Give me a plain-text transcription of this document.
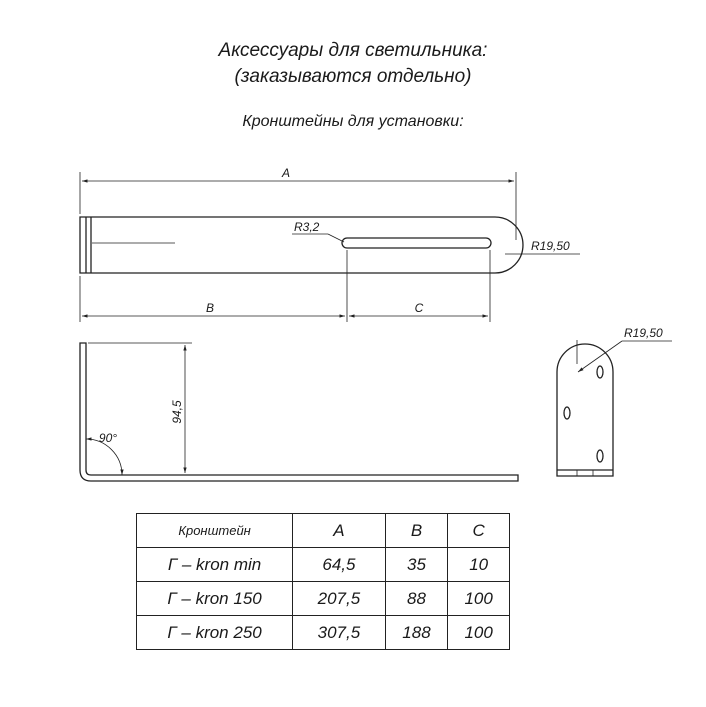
Аксессуары для светильника:
(заказываются отдельно)
Кронштейны для установки:
A
R3,2
R19,50
B	C
94,5
90°
R19,50
Кронштейн	A	B	C
Г – kron min	64,5	35	10
Г – kron 150	207,5	88	100
Г – kron 250	307,5	188	100
